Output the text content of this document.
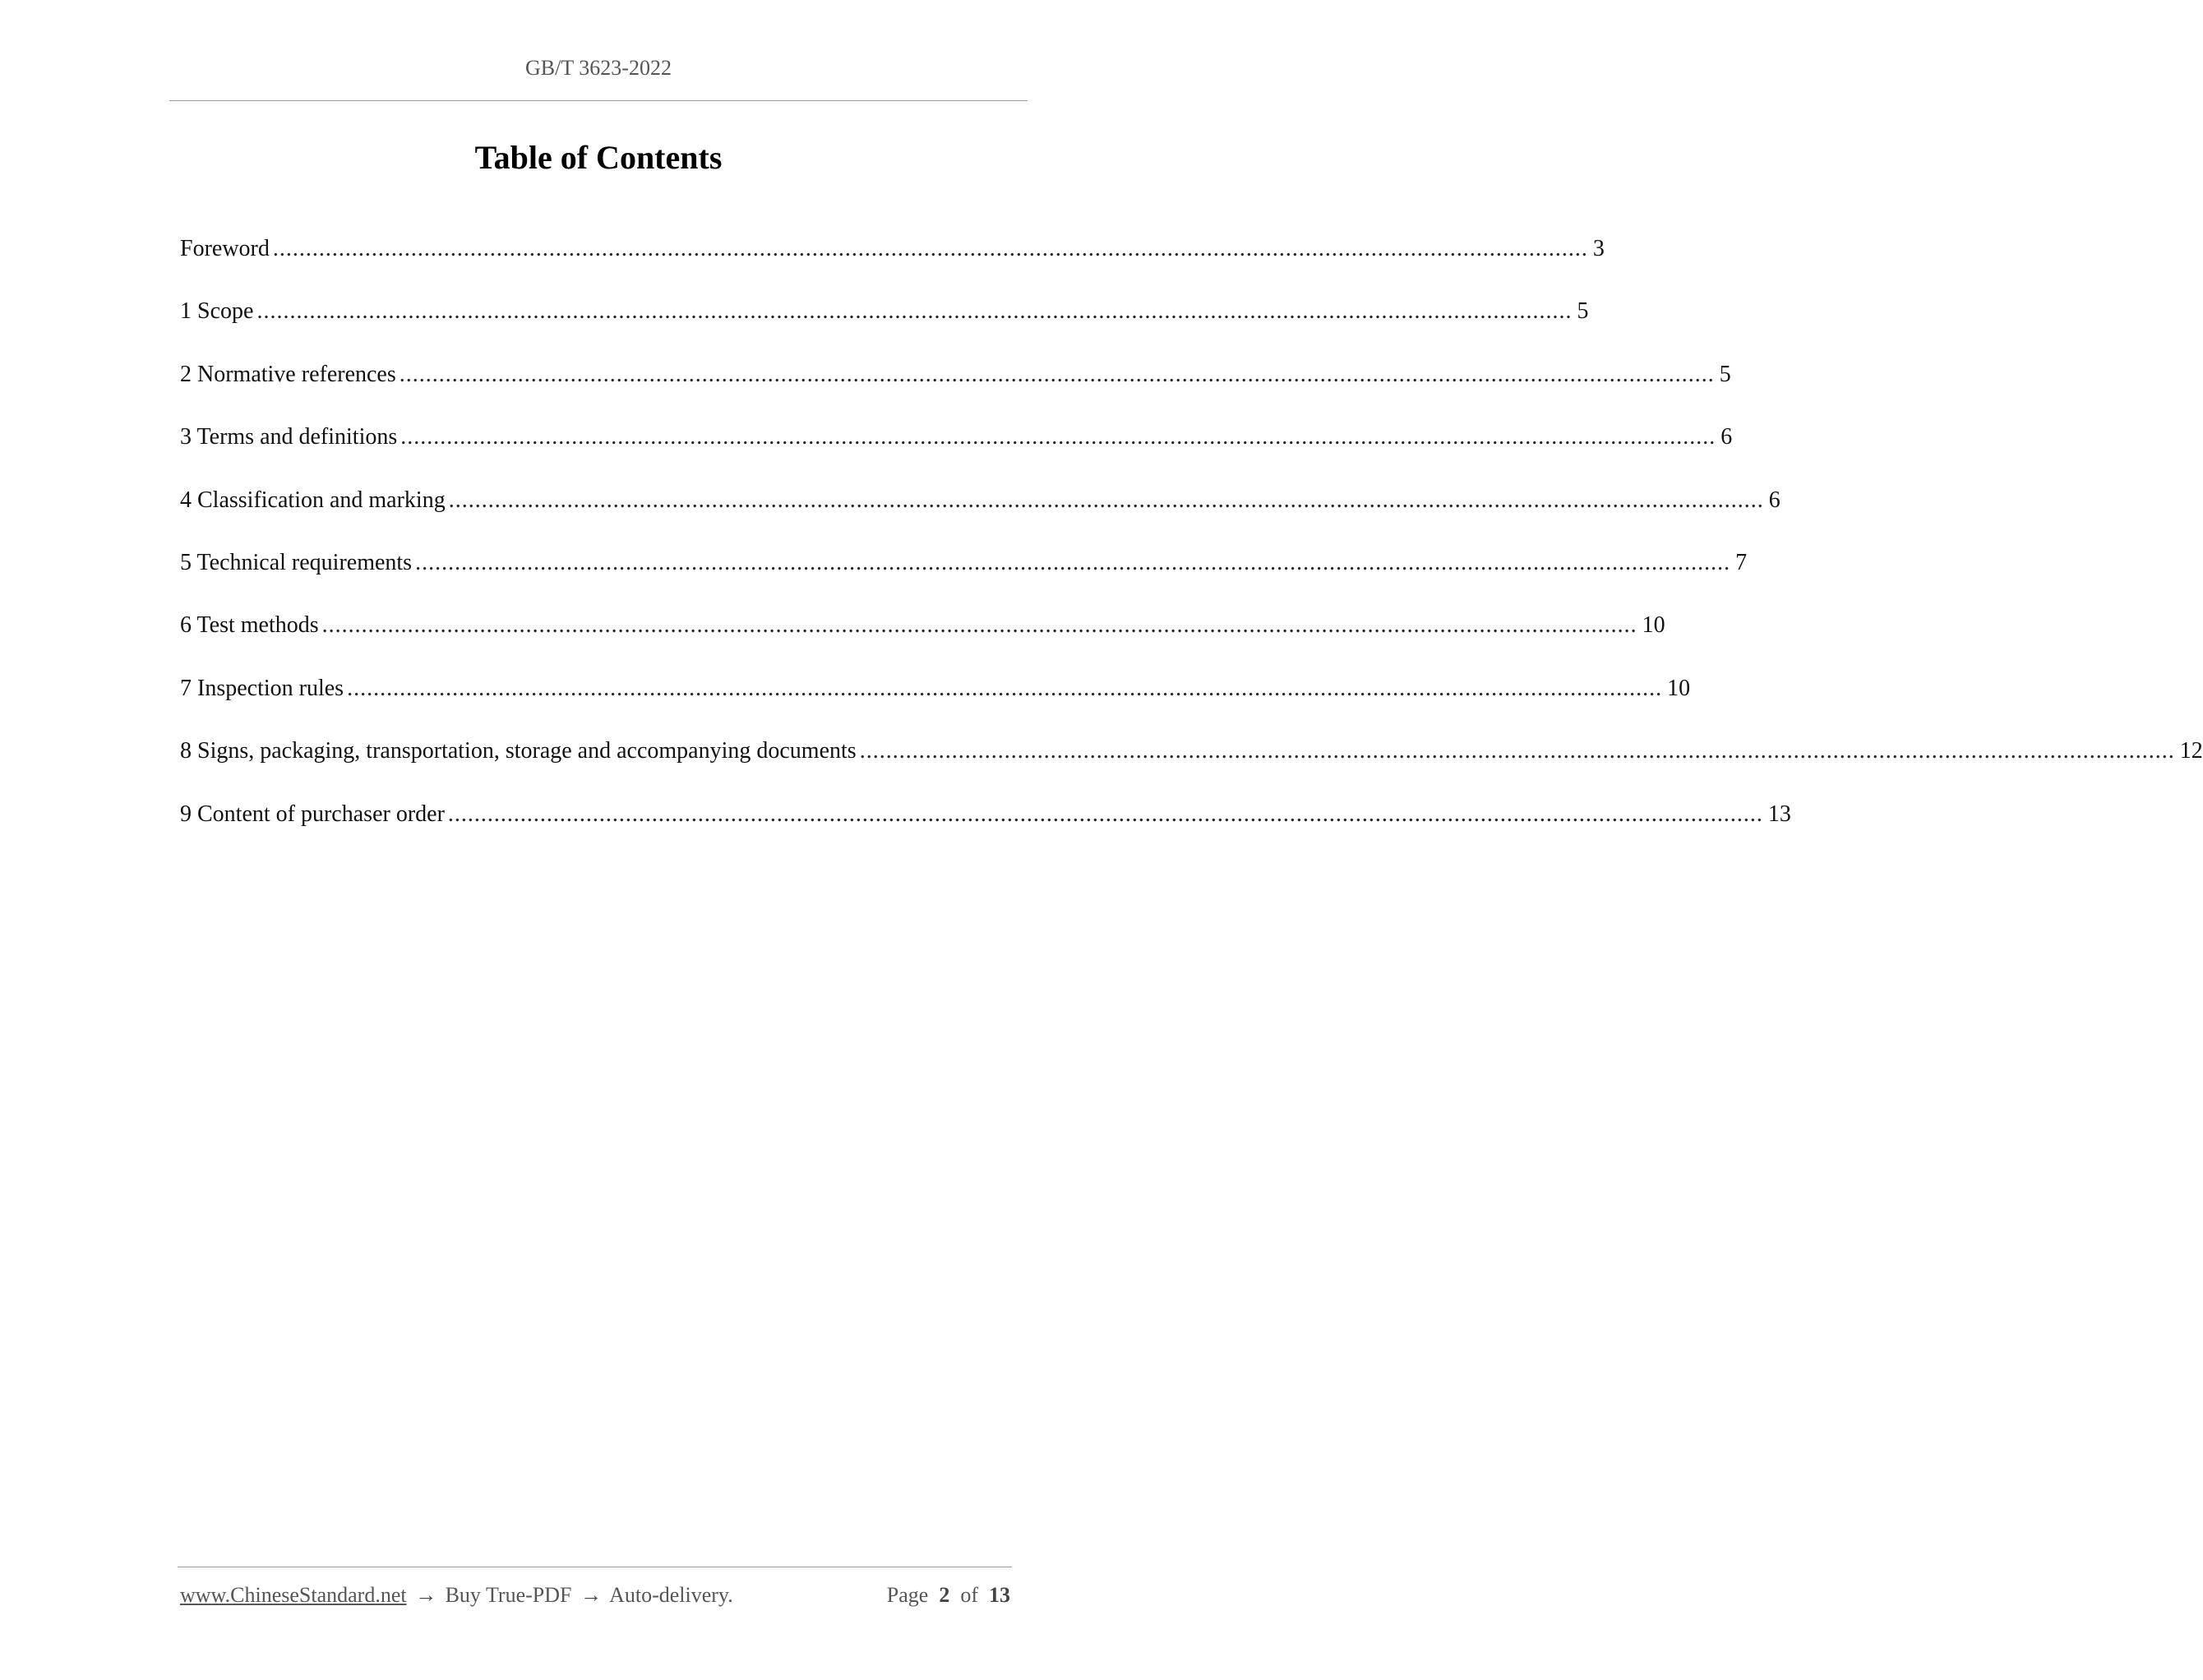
GB/T 3623-2022
Table of Contents
Foreword ........................................................................................................................................................................................................ 3
1 Scope ........................................................................................................................................................................................................ 5
2 Normative references ........................................................................................................................................................................................................ 5
3 Terms and definitions ........................................................................................................................................................................................................ 6
4 Classification and marking ........................................................................................................................................................................................................ 6
5 Technical requirements ........................................................................................................................................................................................................ 7
6 Test methods ........................................................................................................................................................................................................ 10
7 Inspection rules ........................................................................................................................................................................................................ 10
8 Signs, packaging, transportation, storage and accompanying documents ........................................................................................................................................................................................................ 12
9 Content of purchaser order ........................................................................................................................................................................................................ 13
www.ChineseStandard.net → Buy True-PDF → Auto-delivery.	Page 2 of 13
